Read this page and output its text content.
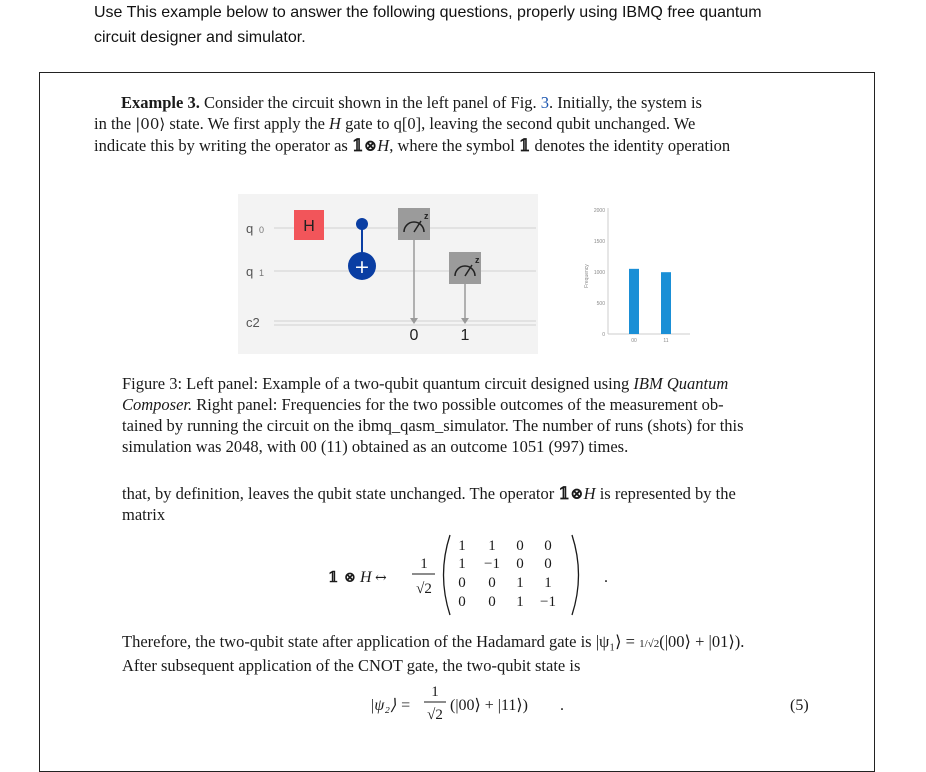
Use This example below to answer the following questions, properly using IBMQ free quantum

circuit designer and simulator.

Example 3. Consider the circuit shown in the left panel of Fig. 3. Initially, the system is

in the |00⟩ state. We first apply the H gate to q[0], leaving the second qubit unchanged. We

indicate this by writing the operator as 𝟙⊗H, where the symbol 𝟙 denotes the identity operation

q 0
q 1
c2
H
+
z
z
0	1
Frequency
0
500
1000
1500
2000
00	11

Figure 3: Left panel: Example of a two-qubit quantum circuit designed using IBM Quantum

Composer. Right panel: Frequencies for the two possible outcomes of the measurement ob-

tained by running the circuit on the ibmq_qasm_simulator. The number of runs (shots) for this

simulation was 2048, with 00 (11) obtained as an outcome 1051 (997) times.

that, by definition, leaves the qubit state unchanged. The operator 𝟙⊗H is represented by the

matrix

𝟙 ⊗ H ↔
1
√2
1 1 0 0
1 −1 0 0
0 0 1 1
0 0 1 −1
.

Therefore, the two-qubit state after application of the Hadamard gate is |ψ₁⟩ = 1/√2(|00⟩ + |01⟩).

After subsequent application of the CNOT gate, the two-qubit state is

|ψ₂⟩ =
1
√2
(|00⟩ + |11⟩) .	(5)
